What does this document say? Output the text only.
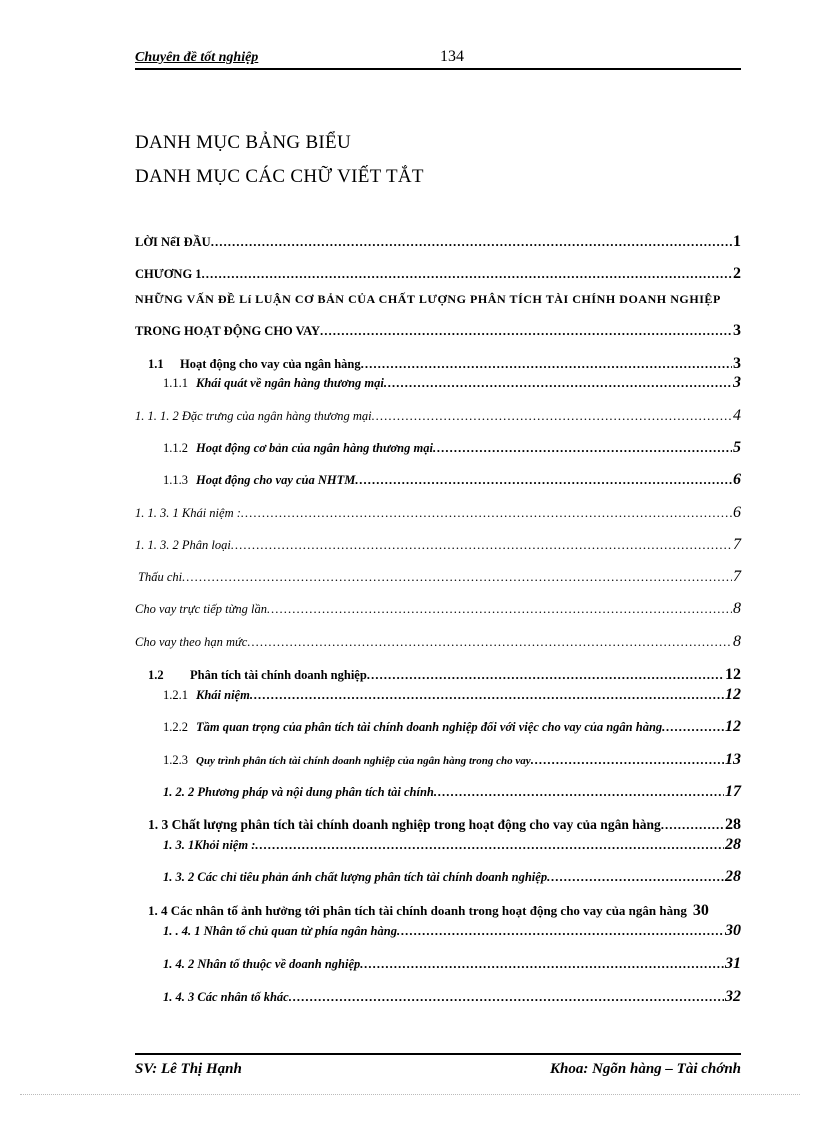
Chuyên đề tốt nghiệp	134
DANH MỤC BẢNG BIỂU
DANH MỤC CÁC CHỮ VIẾT TẮT
LỜI NểI ĐẦU .....	1
CHƯƠNG 1 .....	2
NHỮNG VẤN ĐỀ Lí LUẬN CƠ BẢN CỦA CHẤT LƯỢNG PHÂN TÍCH TÀI CHÍNH DOANH NGHIỆP
TRONG HOẠT ĐỘNG CHO VAY .....	3
1.1 Hoạt động cho vay của ngân hàng .....	3
1.1.1 Khái quát về ngân hàng thương mại .....	3
1. 1. 1. 2 Đặc trưng của ngân hàng thương mại .....	4
1.1.2 Hoạt động cơ bản của ngân hàng thương mại .....	5
1.1.3 Hoạt động cho vay của NHTM .....	6
1. 1. 3. 1 Khái niệm : .....	6
1. 1. 3. 2 Phân loại .....	7
Thấu chi .....	7
Cho vay trực tiếp từng lần .....	8
Cho vay theo hạn mức .....	8
1.2 Phân tích tài chính doanh nghiệp .....	12
1.2.1 Khái niệm .....	12
1.2.2 Tầm quan trọng của phân tích tài chính doanh nghiệp đối với việc cho vay của ngân hàng .....	12
1.2.3 Quy trình phân tích tài chính doanh nghiệp của ngân hàng trong cho vay .....	13
1. 2. 2 Phương pháp và nội dung phân tích tài chính .....	17
1. 3 Chất lượng phân tích tài chính doanh nghiệp trong hoạt động cho vay của ngân hàng .....	28
1. 3. 1Khỏi niệm : .....	28
1. 3. 2 Các chỉ tiêu phản ánh chất lượng phân tích tài chính doanh nghiệp .....	28
1. 4 Các nhân tố ảnh hưởng tới phân tích tài chính doanh trong hoạt động cho vay của ngân hàng 30
1. . 4. 1 Nhân tố chủ quan từ phía ngân hàng .....	30
1. 4. 2 Nhân tố thuộc về doanh nghiệp .....	31
1. 4. 3 Các nhân tố khác .....	32
SV: Lê Thị Hạnh	Khoa: Ngõn hàng – Tài chớnh
